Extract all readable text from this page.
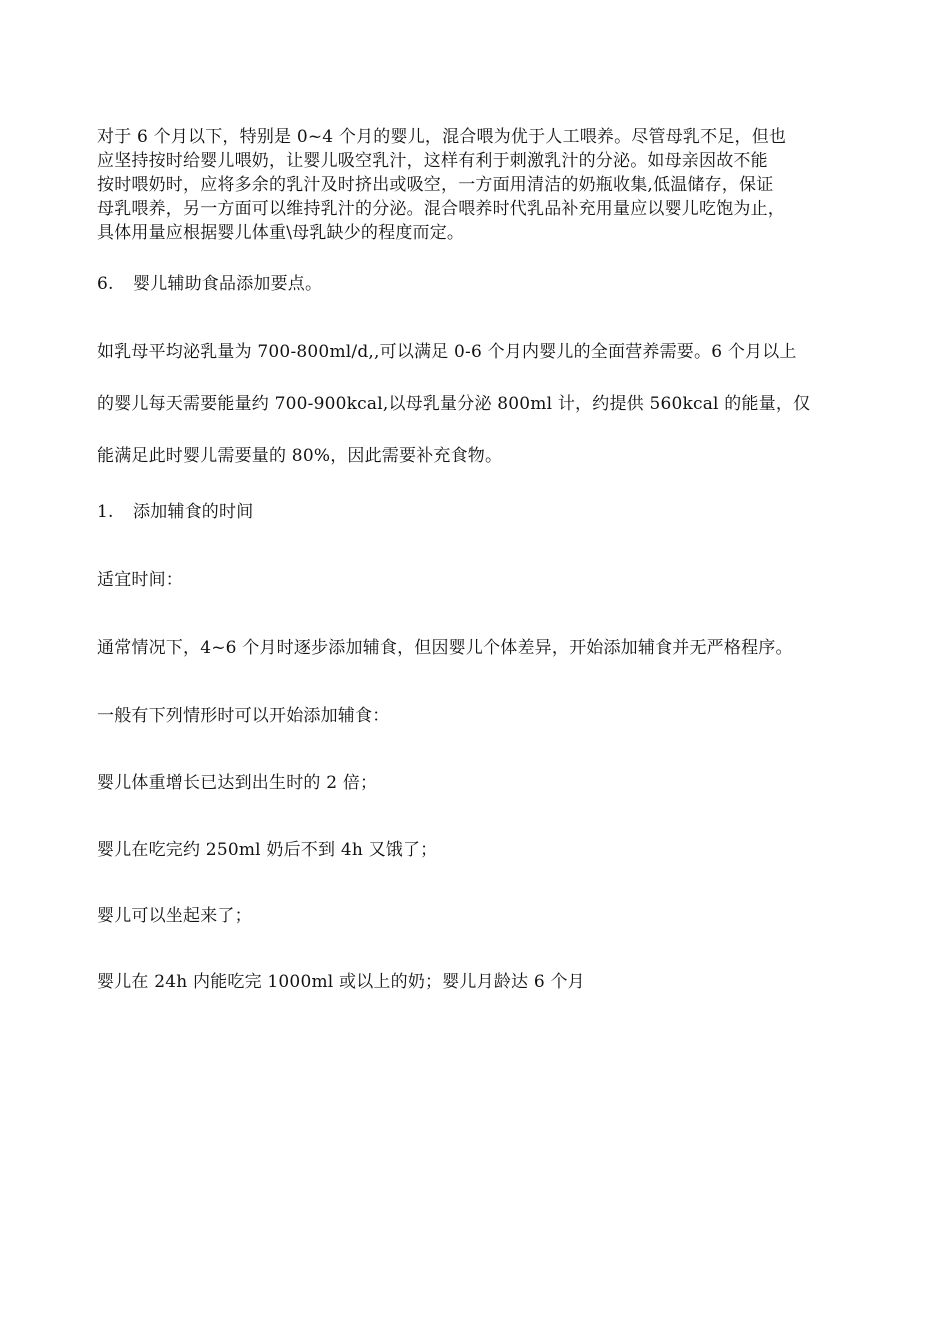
对于 6 个月以下，特别是 0~4 个月的婴儿，混合喂为优于人工喂养。尽管母乳不足，但也
应坚持按时给婴儿喂奶，让婴儿吸空乳汁，这样有利于刺激乳汁的分泌。如母亲因故不能
按时喂奶时，应将多余的乳汁及时挤出或吸空，一方面用清洁的奶瓶收集,低温储存，保证
母乳喂养，另一方面可以维持乳汁的分泌。混合喂养时代乳品补充用量应以婴儿吃饱为止，
具体用量应根据婴儿体重\母乳缺少的程度而定。
6. 婴儿辅助食品添加要点。
如乳母平均泌乳量为 700-800ml/d,,可以满足 0-6 个月内婴儿的全面营养需要。6 个月以上
的婴儿每天需要能量约 700-900kcal,以母乳量分泌 800ml 计，约提供 560kcal 的能量，仅
能满足此时婴儿需要量的 80%，因此需要补充食物。
1. 添加辅食的时间
适宜时间：
通常情况下，4~6 个月时逐步添加辅食，但因婴儿个体差异，开始添加辅食并无严格程序。
一般有下列情形时可以开始添加辅食：
婴儿体重增长已达到出生时的 2 倍；
婴儿在吃完约 250ml 奶后不到 4h 又饿了；
婴儿可以坐起来了；
婴儿在 24h 内能吃完 1000ml 或以上的奶；婴儿月龄达 6 个月
